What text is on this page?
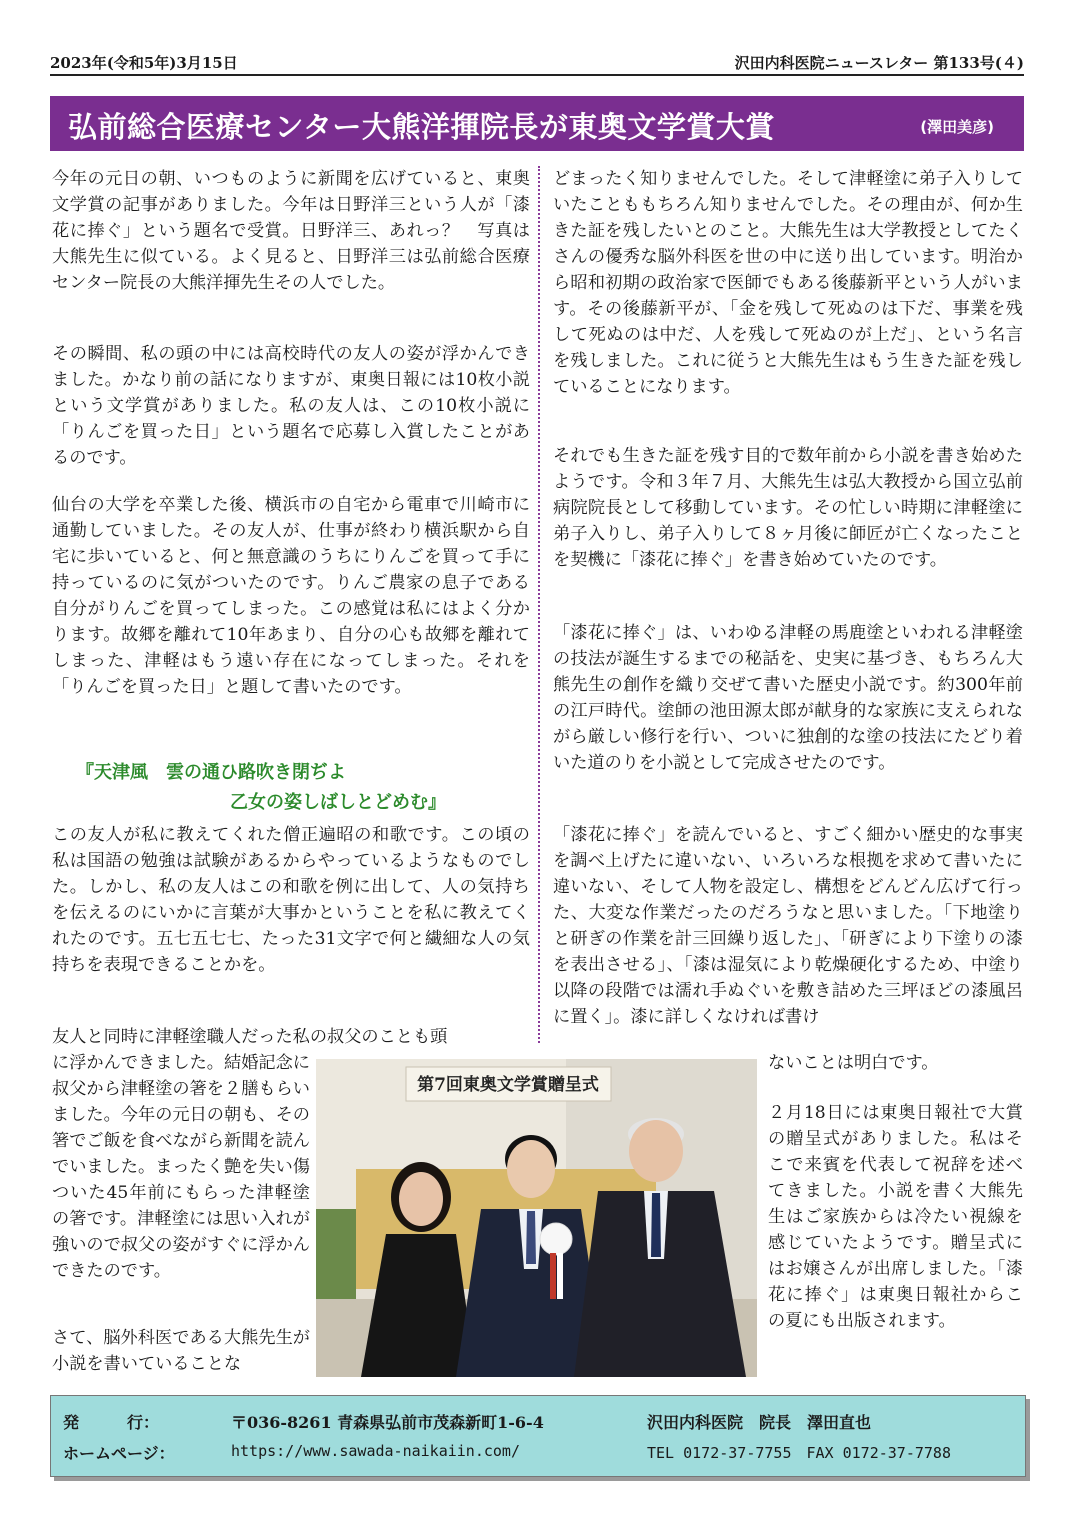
2023年(令和5年)3月15日	沢田内科医院ニュースレター 第133号(４)
弘前総合医療センター大熊洋揮院長が東奥文学賞大賞	(澤田美彦)

今年の元日の朝、いつものように新聞を広げていると、東奥文学賞の記事がありました。今年は日野洋三という人が「漆花に捧ぐ」という題名で受賞。日野洋三、あれっ？　写真は大熊先生に似ている。よく見ると、日野洋三は弘前総合医療センター院長の大熊洋揮先生その人でした。

その瞬間、私の頭の中には高校時代の友人の姿が浮かんできました。かなり前の話になりますが、東奥日報には10枚小説という文学賞がありました。私の友人は、この10枚小説に「りんごを買った日」という題名で応募し入賞したことがあるのです。

仙台の大学を卒業した後、横浜市の自宅から電車で川崎市に通勤していました。その友人が、仕事が終わり横浜駅から自宅に歩いていると、何と無意識のうちにりんごを買って手に持っているのに気がついたのです。りんご農家の息子である自分がりんごを買ってしまった。この感覚は私にはよく分かります。故郷を離れて10年あまり、自分の心も故郷を離れてしまった、津軽はもう遠い存在になってしまった。それを「りんごを買った日」と題して書いたのです。

『天津風　雲の通ひ路吹き閉ぢよ

乙女の姿しばしとどめむ』

この友人が私に教えてくれた僧正遍昭の和歌です。この頃の私は国語の勉強は試験があるからやっているようなものでした。しかし、私の友人はこの和歌を例に出して、人の気持ちを伝えるのにいかに言葉が大事かということを私に教えてくれたのです。五七五七七、たった31文字で何と繊細な人の気持ちを表現できることかを。

友人と同時に津軽塗職人だった私の叔父のことも頭

に浮かんできました。結婚記念に叔父から津軽塗の箸を２膳もらいました。今年の元日の朝も、その箸でご飯を食べながら新聞を読んでいました。まったく艶を失い傷ついた45年前にもらった津軽塗の箸です。津軽塗には思い入れが強いので叔父の姿がすぐに浮かんできたのです。

さて、脳外科医である大熊先生が小説を書いていることな

どまったく知りませんでした。そして津軽塗に弟子入りしていたことももちろん知りませんでした。その理由が、何か生きた証を残したいとのこと。大熊先生は大学教授としてたくさんの優秀な脳外科医を世の中に送り出しています。明治から昭和初期の政治家で医師でもある後藤新平という人がいます。その後藤新平が、「金を残して死ぬのは下だ、事業を残して死ぬのは中だ、人を残して死ぬのが上だ」、という名言を残しました。これに従うと大熊先生はもう生きた証を残していることになります。

それでも生きた証を残す目的で数年前から小説を書き始めたようです。令和３年７月、大熊先生は弘大教授から国立弘前病院院長として移動しています。その忙しい時期に津軽塗に弟子入りし、弟子入りして８ヶ月後に師匠が亡くなったことを契機に「漆花に捧ぐ」を書き始めていたのです。

「漆花に捧ぐ」は、いわゆる津軽の馬鹿塗といわれる津軽塗の技法が誕生するまでの秘話を、史実に基づき、もちろん大熊先生の創作を織り交ぜて書いた歴史小説です。約300年前の江戸時代。塗師の池田源太郎が献身的な家族に支えられながら厳しい修行を行い、ついに独創的な塗の技法にたどり着いた道のりを小説として完成させたのです。

「漆花に捧ぐ」を読んでいると、すごく細かい歴史的な事実を調べ上げたに違いない、いろいろな根拠を求めて書いたに違いない、そして人物を設定し、構想をどんどん広げて行った、大変な作業だったのだろうなと思いました。「下地塗りと研ぎの作業を計三回繰り返した」、「研ぎにより下塗りの漆を表出させる」、「漆は湿気により乾燥硬化するため、中塗り以降の段階では濡れ手ぬぐいを敷き詰めた三坪ほどの漆風呂に置く」。漆に詳しくなければ書け

ないことは明白です。

２月18日には東奥日報社で大賞の贈呈式がありました。私はそこで来賓を代表して祝辞を述べてきました。小説を書く大熊先生はご家族からは冷たい視線を感じていたようです。贈呈式にはお嬢さんが出席しました。「漆花に捧ぐ」は東奥日報社からこの夏にも出版されます。

第7回東奥文学賞贈呈式
発　　　行：	〒036-8261 青森県弘前市茂森新町1-6-4	沢田内科医院　院長　澤田直也
ホームページ：	https://www.sawada-naikaiin.com/	TEL 0172-37-7755　FAX 0172-37-7788
